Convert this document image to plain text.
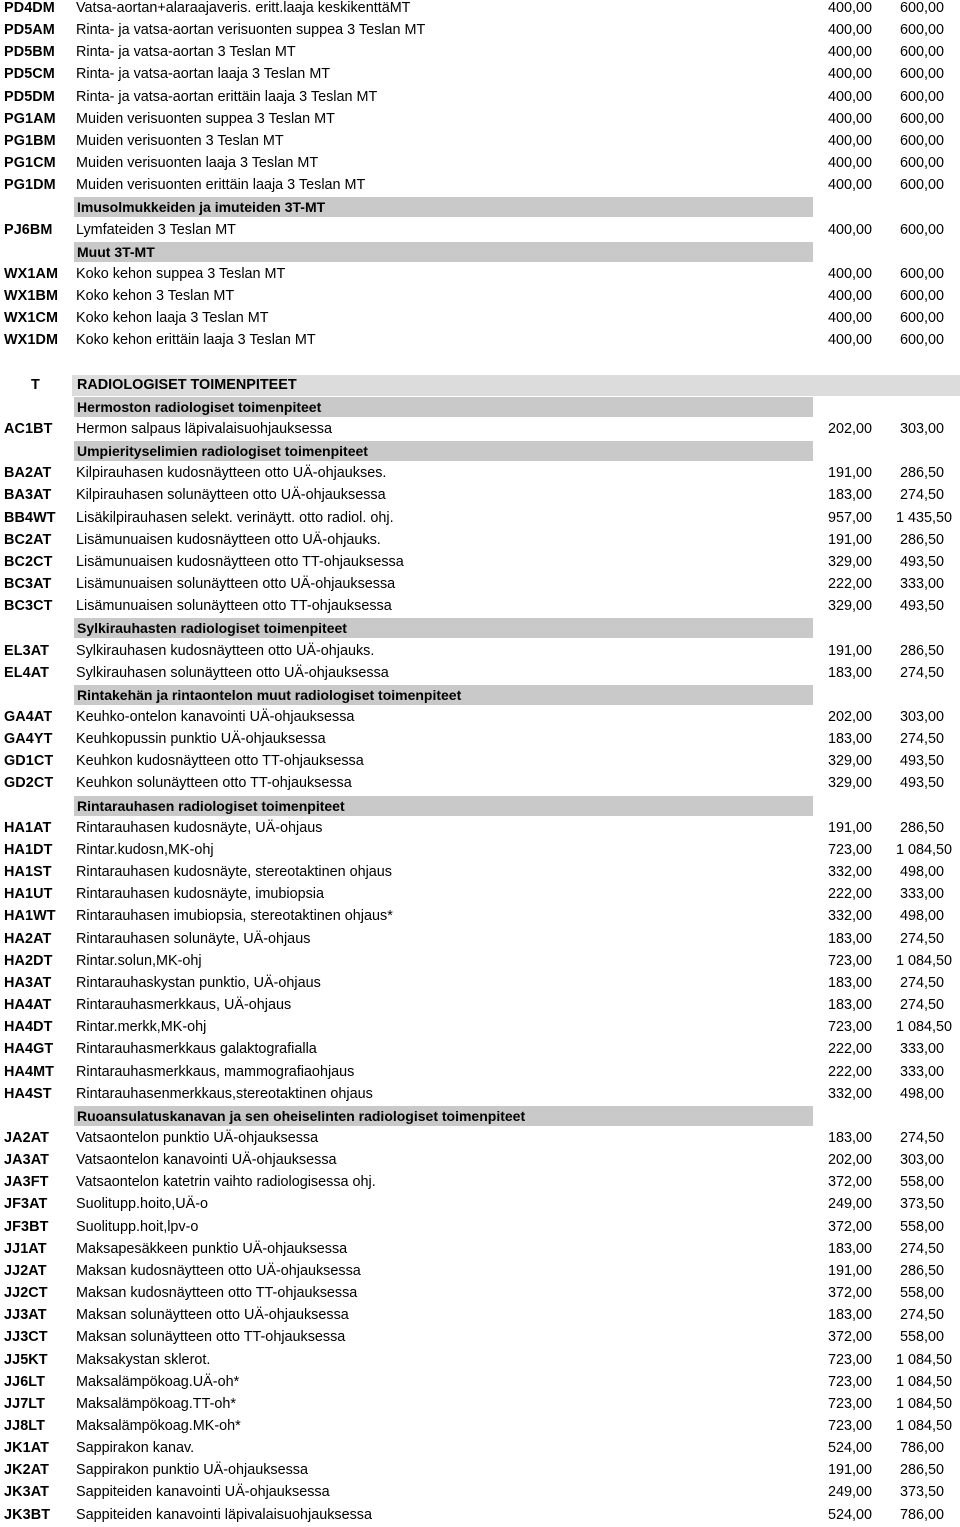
PD4DM Vatsa-aortan+alaraajaveris. eritt.laaja keskikenttäMT	400,00 600,00
PD5AM Rinta- ja vatsa-aortan verisuonten suppea 3 Teslan MT	400,00 600,00
PD5BM Rinta- ja vatsa-aortan 3 Teslan MT	400,00 600,00
PD5CM Rinta- ja vatsa-aortan laaja 3 Teslan MT	400,00 600,00
PD5DM Rinta- ja vatsa-aortan erittäin laaja 3 Teslan MT	400,00 600,00
PG1AM Muiden verisuonten suppea 3 Teslan MT	400,00 600,00
PG1BM Muiden verisuonten 3 Teslan MT	400,00 600,00
PG1CM Muiden verisuonten laaja 3 Teslan MT	400,00 600,00
PG1DM Muiden verisuonten erittäin laaja 3 Teslan MT	400,00 600,00
Imusolmukkeiden ja imuteiden 3T-MT
PJ6BM Lymfateiden 3 Teslan MT	400,00 600,00
Muut 3T-MT
WX1AM Koko kehon suppea 3 Teslan MT	400,00 600,00
WX1BM Koko kehon 3 Teslan MT	400,00 600,00
WX1CM Koko kehon laaja 3 Teslan MT	400,00 600,00
WX1DM Koko kehon erittäin laaja 3 Teslan MT	400,00 600,00
T	RADIOLOGISET TOIMENPITEET
Hermoston radiologiset toimenpiteet
AC1BT Hermon salpaus läpivalaisuohjauksessa	202,00 303,00
Umpierityselimien radiologiset toimenpiteet
BA2AT Kilpirauhasen kudosnäytteen otto UÄ-ohjaukses.	191,00 286,50
BA3AT Kilpirauhasen solunäytteen otto UÄ-ohjauksessa	183,00 274,50
BB4WT Lisäkilpirauhasen selekt. verinäytt. otto radiol. ohj.	957,00 1 435,50
BC2AT Lisämunuaisen kudosnäytteen otto UÄ-ohjauks.	191,00 286,50
BC2CT Lisämunuaisen kudosnäytteen otto TT-ohjauksessa	329,00 493,50
BC3AT Lisämunuaisen solunäytteen otto UÄ-ohjauksessa	222,00 333,00
BC3CT Lisämunuaisen solunäytteen otto TT-ohjauksessa	329,00 493,50
Sylkirauhasten radiologiset toimenpiteet
EL3AT Sylkirauhasen kudosnäytteen otto UÄ-ohjauks.	191,00 286,50
EL4AT Sylkirauhasen solunäytteen otto UÄ-ohjauksessa	183,00 274,50
Rintakehän ja rintaontelon muut radiologiset toimenpiteet
GA4AT Keuhko-ontelon kanavointi UÄ-ohjauksessa	202,00 303,00
GA4YT Keuhkopussin punktio UÄ-ohjauksessa	183,00 274,50
GD1CT Keuhkon kudosnäytteen otto TT-ohjauksessa	329,00 493,50
GD2CT Keuhkon solunäytteen otto TT-ohjauksessa	329,00 493,50
Rintarauhasen radiologiset toimenpiteet
HA1AT Rintarauhasen kudosnäyte, UÄ-ohjaus	191,00 286,50
HA1DT Rintar.kudosn,MK-ohj	723,00 1 084,50
HA1ST Rintarauhasen kudosnäyte, stereotaktinen ohjaus	332,00 498,00
HA1UT Rintarauhasen kudosnäyte, imubiopsia	222,00 333,00
HA1WT Rintarauhasen imubiopsia, stereotaktinen ohjaus*	332,00 498,00
HA2AT Rintarauhasen solunäyte, UÄ-ohjaus	183,00 274,50
HA2DT Rintar.solun,MK-ohj	723,00 1 084,50
HA3AT Rintarauhaskystan punktio, UÄ-ohjaus	183,00 274,50
HA4AT Rintarauhasmerkkaus, UÄ-ohjaus	183,00 274,50
HA4DT Rintar.merkk,MK-ohj	723,00 1 084,50
HA4GT Rintarauhasmerkkaus galaktografialla	222,00 333,00
HA4MT Rintarauhasmerkkaus, mammografiaohjaus	222,00 333,00
HA4ST Rintarauhasenmerkkaus,stereotaktinen ohjaus	332,00 498,00
Ruoansulatuskanavan ja sen oheiselinten radiologiset toimenpiteet
JA2AT Vatsaontelon punktio UÄ-ohjauksessa	183,00 274,50
JA3AT Vatsaontelon kanavointi UÄ-ohjauksessa	202,00 303,00
JA3FT Vatsaontelon katetrin vaihto radiologisessa ohj.	372,00 558,00
JF3AT Suolitupp.hoito,UÄ-o	249,00 373,50
JF3BT Suolitupp.hoit,lpv-o	372,00 558,00
JJ1AT Maksapesäkkeen punktio UÄ-ohjauksessa	183,00 274,50
JJ2AT Maksan kudosnäytteen otto UÄ-ohjauksessa	191,00 286,50
JJ2CT Maksan kudosnäytteen otto TT-ohjauksessa	372,00 558,00
JJ3AT Maksan solunäytteen otto UÄ-ohjauksessa	183,00 274,50
JJ3CT Maksan solunäytteen otto TT-ohjauksessa	372,00 558,00
JJ5KT Maksakystan sklerot.	723,00 1 084,50
JJ6LT Maksalämpökoag.UÄ-oh*	723,00 1 084,50
JJ7LT Maksalämpökoag.TT-oh*	723,00 1 084,50
JJ8LT Maksalämpökoag.MK-oh*	723,00 1 084,50
JK1AT Sappirakon kanav.	524,00 786,00
JK2AT Sappirakon punktio UÄ-ohjauksessa	191,00 286,50
JK3AT Sappiteiden kanavointi UÄ-ohjauksessa	249,00 373,50
JK3BT Sappiteiden kanavointi läpivalaisuohjauksessa	524,00 786,00
